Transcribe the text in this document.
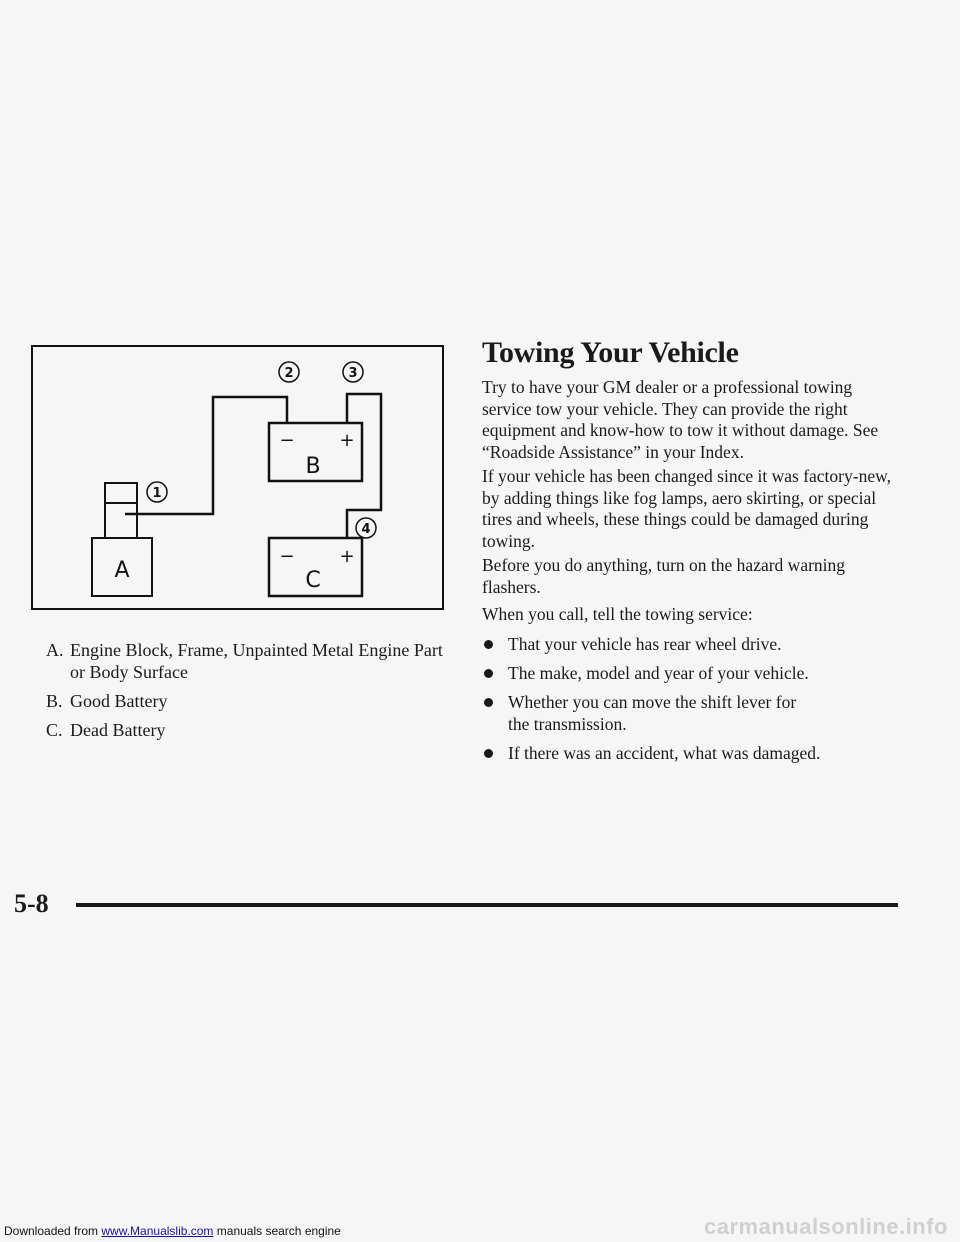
A
− +
B
− +
C
1
2	3
4
A. Engine Block, Frame, Unpainted Metal Engine Part
or Body Surface
B. Good Battery
C. Dead Battery
Towing Your Vehicle
Try to have your GM dealer or a professional towing service tow your vehicle. They can provide the right equipment and know-how to tow it without damage. See “Roadside Assistance” in your Index.
If your vehicle has been changed since it was factory-new, by adding things like fog lamps, aero skirting, or special tires and wheels, these things could be damaged during towing.
Before you do anything, turn on the hazard warning flashers.
When you call, tell the towing service:
That your vehicle has rear wheel drive.
The make, model and year of your vehicle.
Whether you can move the shift lever for the transmission.
If there was an accident, what was damaged.
5-8
Downloaded from www.Manualslib.com manuals search engine	carmanualsonline.info
